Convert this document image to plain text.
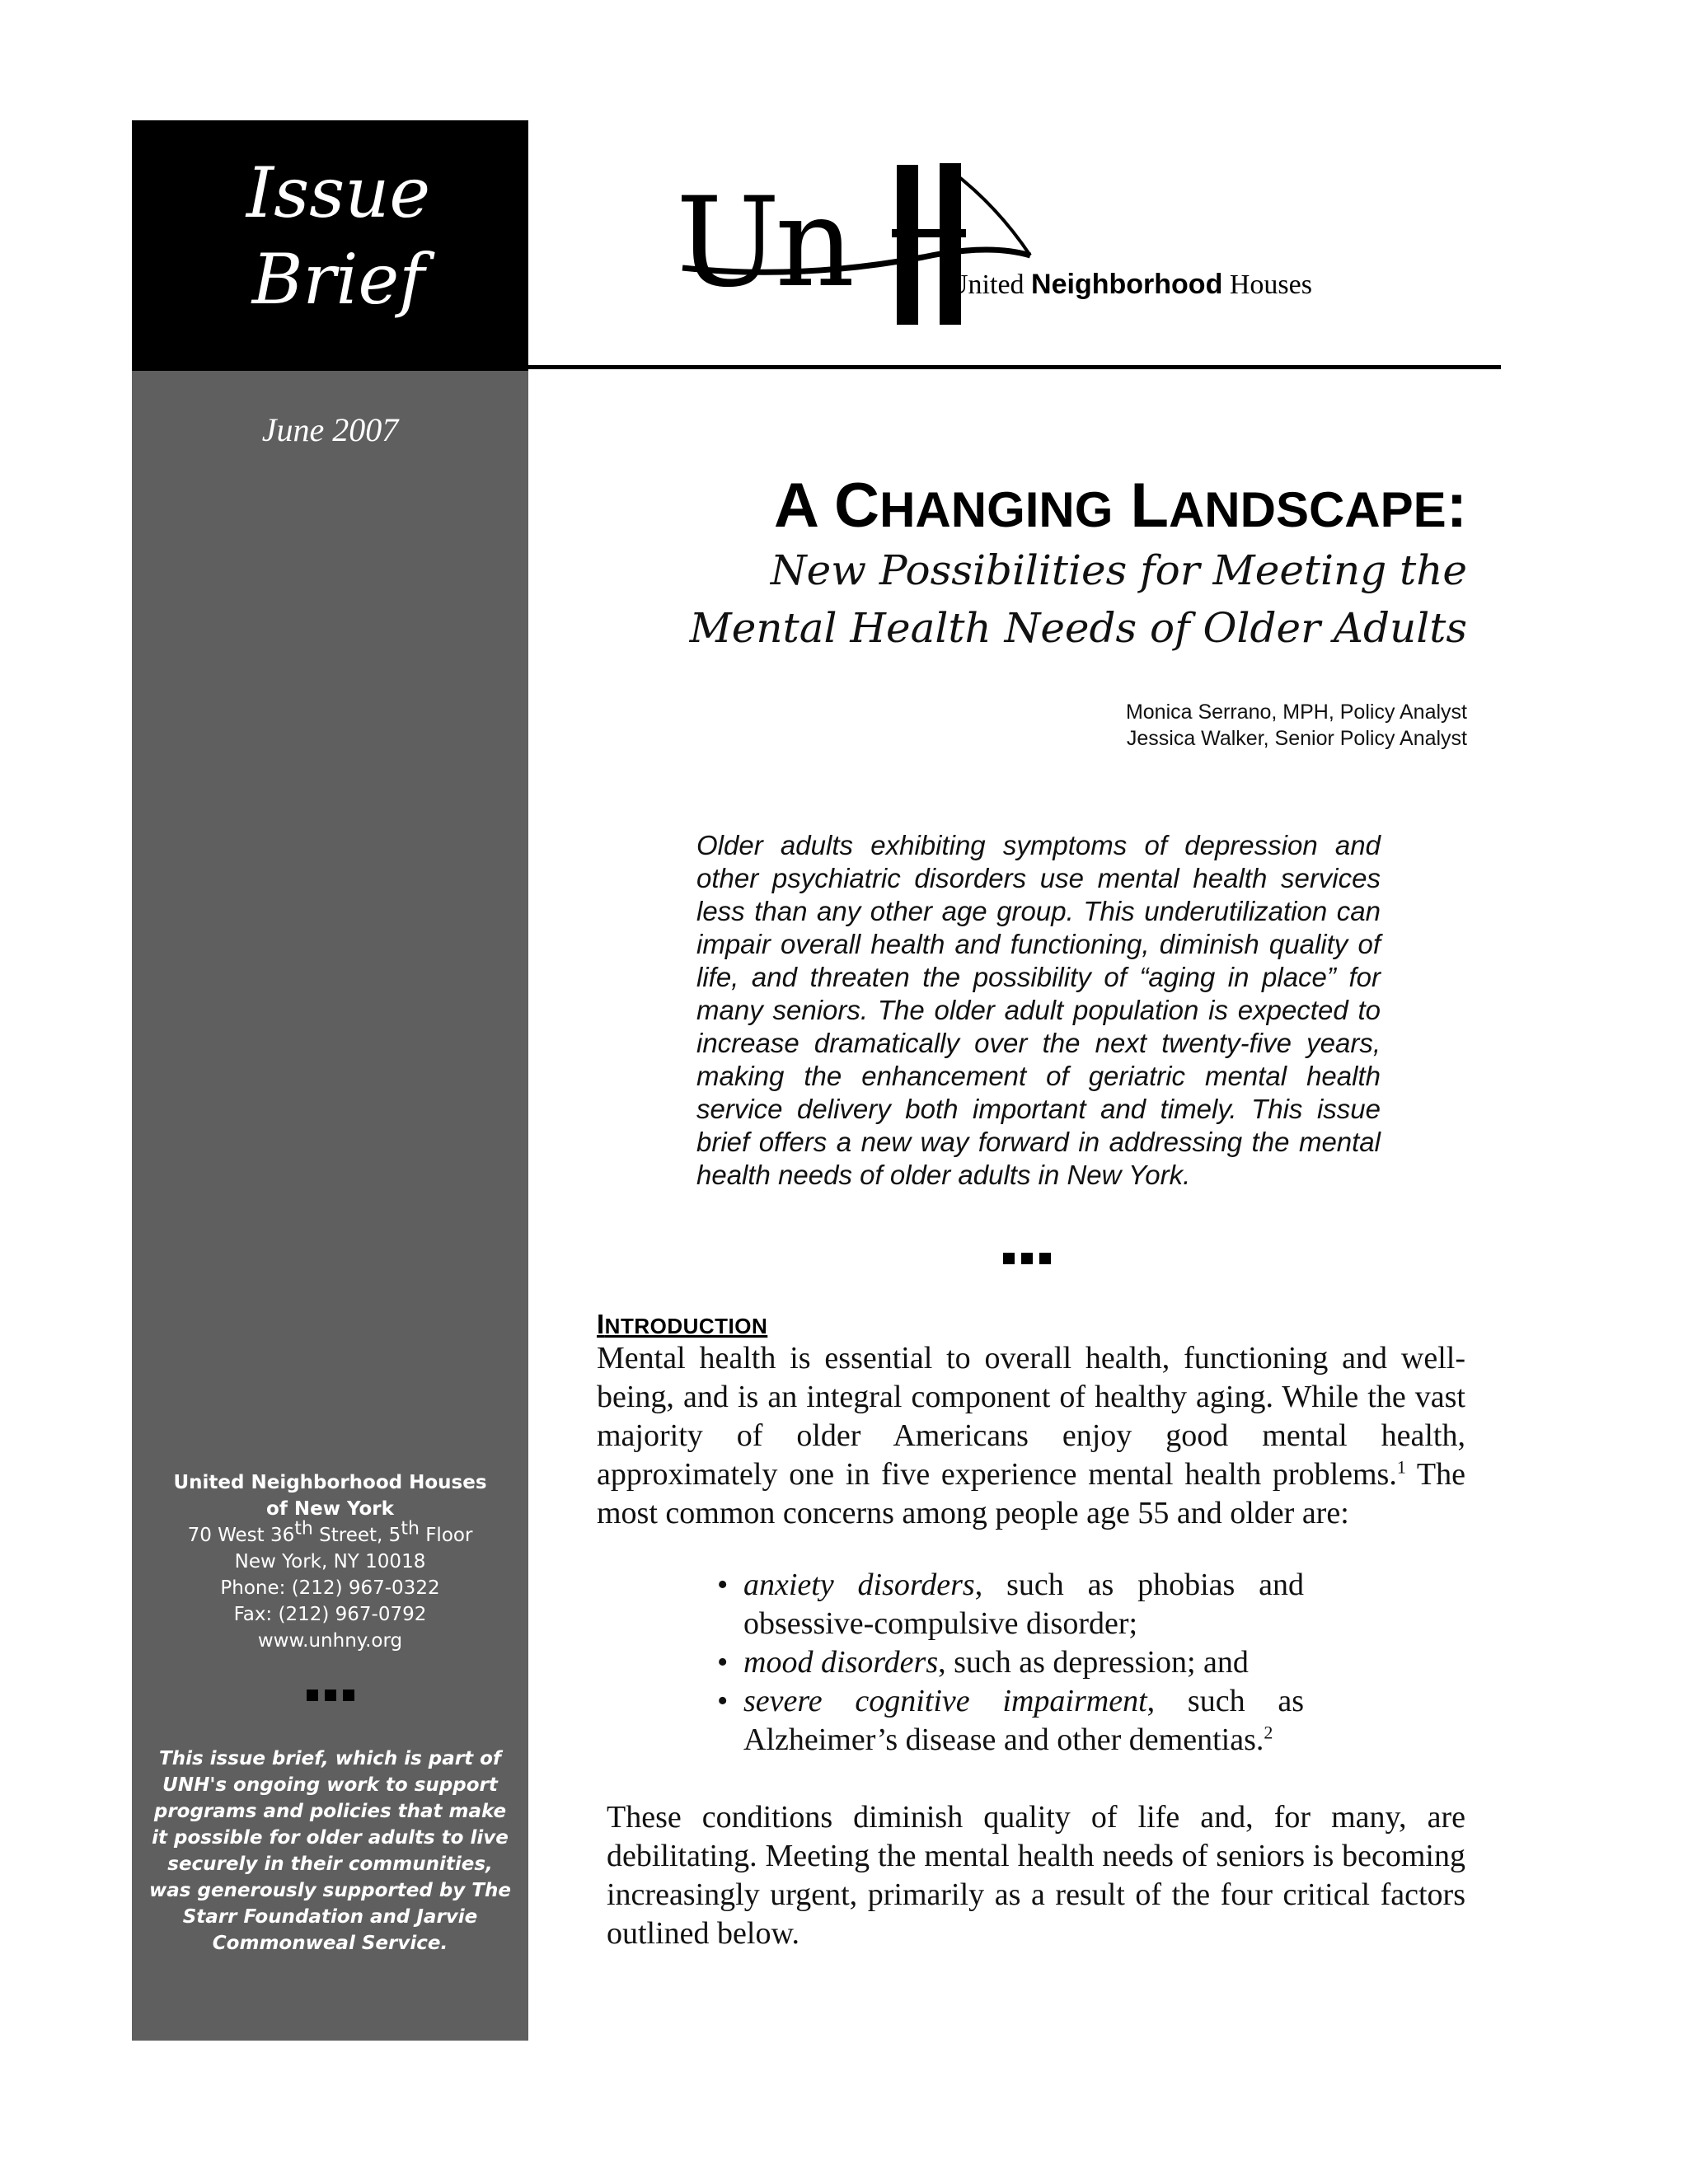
Issue
Brief
June 2007
United Neighborhood Houses
of New York
70 West 36th Street, 5th Floor
New York, NY 10018
Phone: (212) 967-0322
Fax: (212) 967-0792
www.unhny.org
This issue brief, which is part of UNH's ongoing work to support programs and policies that make it possible for older adults to live securely in their communities, was generously supported by The Starr Foundation and Jarvie Commonweal Service.
Un	United Neighborhood Houses
A CHANGING LANDSCAPE:
New Possibilities for Meeting the
Mental Health Needs of Older Adults
Monica Serrano, MPH, Policy Analyst
Jessica Walker, Senior Policy Analyst

Older adults exhibiting symptoms of depression and other psychiatric disorders use mental health services less than any other age group. This underutilization can impair overall health and functioning, diminish quality of life, and threaten the possibility of “aging in place” for many seniors. The older adult population is expected to increase dramatically over the next twenty-five years, making the enhancement of geriatric mental health service delivery both important and timely. This issue brief offers a new way forward in addressing the mental health needs of older adults in New York.

INTRODUCTION

Mental health is essential to overall health, functioning and well-being, and is an integral component of healthy aging. While the vast majority of older Americans enjoy good mental health, approximately one in five experience mental health problems.$^1$ The most common concerns among people age 55 and older are:

• anxiety disorders, such as phobias and obsessive-compulsive disorder;
• mood disorders, such as depression; and
• severe cognitive impairment, such as Alzheimer’s disease and other dementias.$^2$

These conditions diminish quality of life and, for many, are debilitating. Meeting the mental health needs of seniors is becoming increasingly urgent, primarily as a result of the four critical factors outlined below.
